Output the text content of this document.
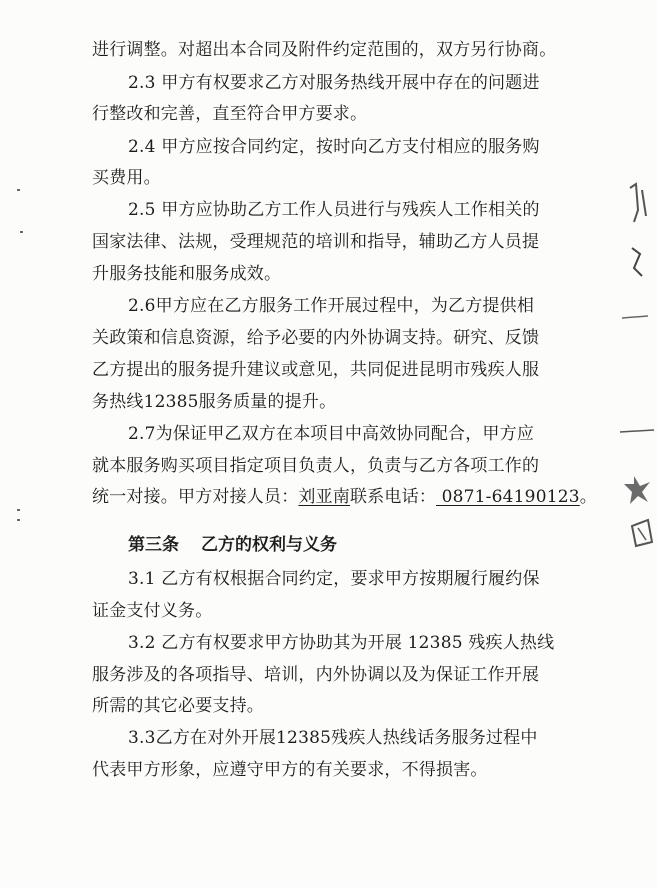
进行调整。对超出本合同及附件约定范围的，双方另行协商。
2.3 甲方有权要求乙方对服务热线开展中存在的问题进
行整改和完善，直至符合甲方要求。
2.4 甲方应按合同约定，按时向乙方支付相应的服务购
买费用。
2.5 甲方应协助乙方工作人员进行与残疾人工作相关的
国家法律、法规，受理规范的培训和指导，辅助乙方人员提
升服务技能和服务成效。
2.6甲方应在乙方服务工作开展过程中，为乙方提供相
关政策和信息资源，给予必要的内外协调支持。研究、反馈
乙方提出的服务提升建议或意见，共同促进昆明市残疾人服
务热线12385服务质量的提升。
2.7为保证甲乙双方在本项目中高效协同配合，甲方应
就本服务购买项目指定项目负责人，负责与乙方各项工作的
统一对接。甲方对接人员：刘亚南联系电话： 0871-64190123。
第三条 乙方的权利与义务
3.1 乙方有权根据合同约定，要求甲方按期履行履约保
证金支付义务。
3.2 乙方有权要求甲方协助其为开展 12385 残疾人热线
服务涉及的各项指导、培训，内外协调以及为保证工作开展
所需的其它必要支持。
3.3乙方在对外开展12385残疾人热线话务服务过程中
代表甲方形象，应遵守甲方的有关要求，不得损害。
